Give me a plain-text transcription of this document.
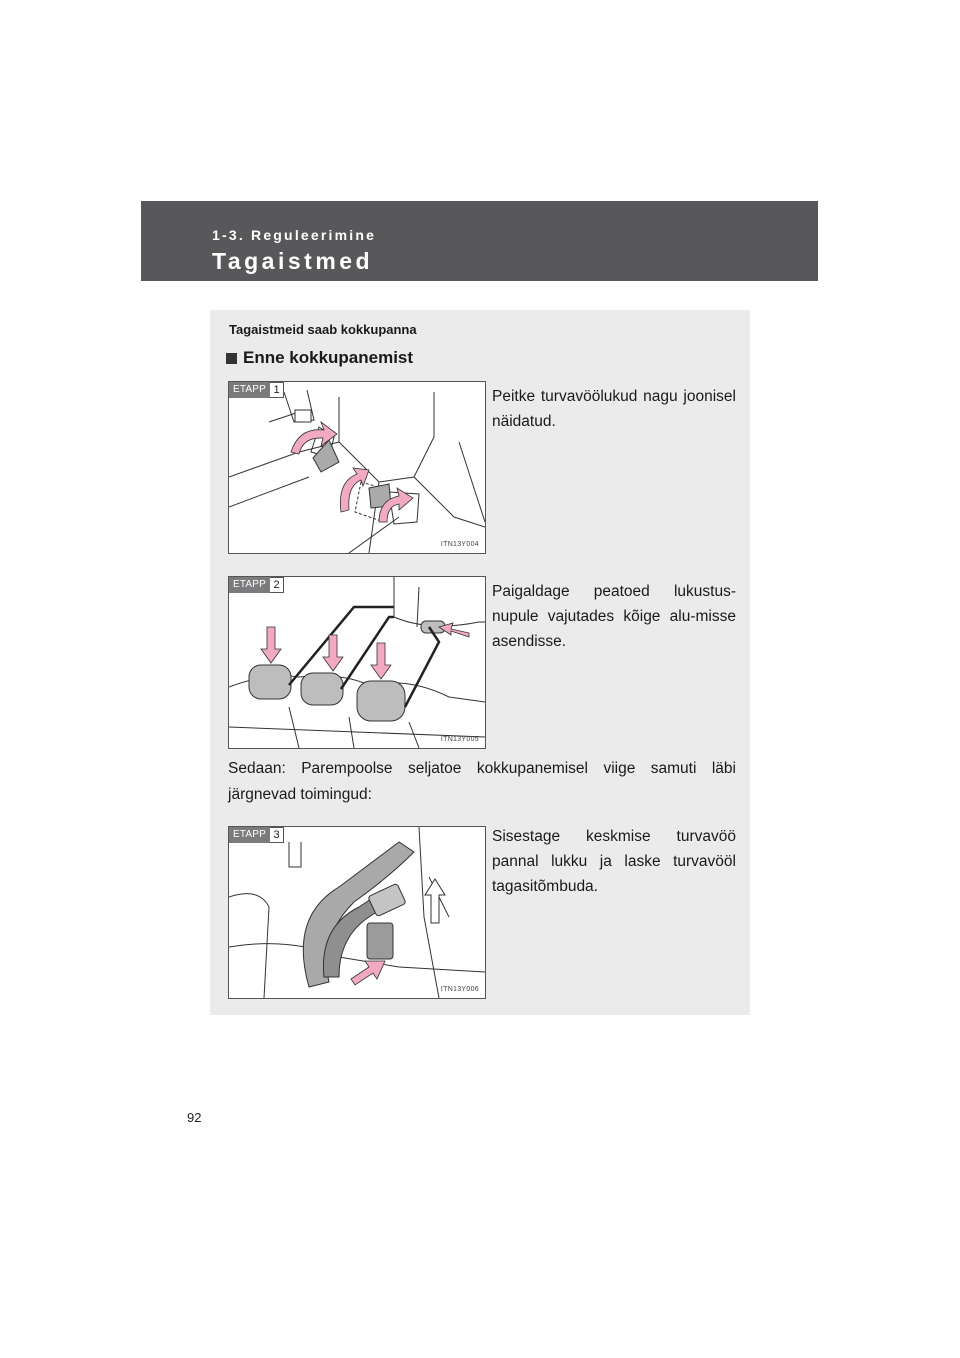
1-3. Reguleerimine
Tagaistmed
Tagaistmeid saab kokkupanna
Enne kokkupanemist
ETAPP 1
ITN13Y004
Peitke turvavöölukud nagu joonisel näidatud.
ETAPP 2
ITN13Y005
Paigaldage peatoed lukustus-nupule vajutades kõige alu-misse asendisse.
Sedaan: Parempoolse seljatoe kokkupanemisel viige samuti läbi järgnevad toimingud:
ETAPP 3
ITN13Y006
Sisestage keskmise turvavöö pannal lukku ja laske turvavööl tagasitõmbuda.
92
